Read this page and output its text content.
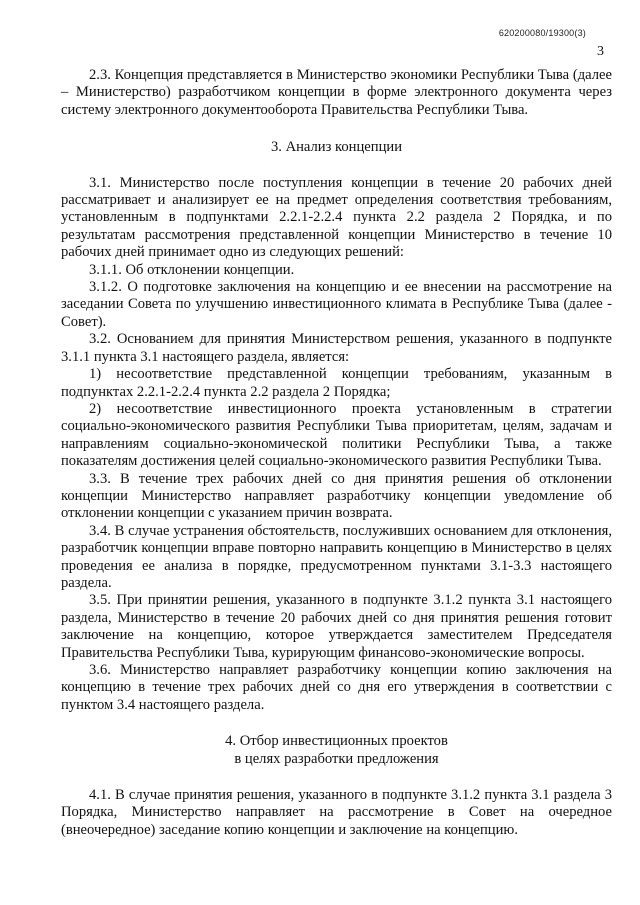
620200080/19300(3)
3

2.3. Концепция представляется в Министерство экономики Республики Тыва (далее – Министерство) разработчиком концепции в форме электронного документа через систему электронного документооборота Правительства Республики Тыва.

3. Анализ концепции

3.1. Министерство после поступления концепции в течение 20 рабочих дней рассматривает и анализирует ее на предмет определения соответствия требованиям, установленным в подпунктами 2.2.1-2.2.4 пункта 2.2 раздела 2 Порядка, и по результатам рассмотрения представленной концепции Министерство в течение 10 рабочих дней принимает одно из следующих решений:

3.1.1. Об отклонении концепции.

3.1.2. О подготовке заключения на концепцию и ее внесении на рассмотрение на заседании Совета по улучшению инвестиционного климата в Республике Тыва (далее - Совет).

3.2. Основанием для принятия Министерством решения, указанного в подпункте 3.1.1 пункта 3.1 настоящего раздела, является:

1) несоответствие представленной концепции требованиям, указанным в подпунктах 2.2.1-2.2.4 пункта 2.2 раздела 2 Порядка;

2) несоответствие инвестиционного проекта установленным в стратегии социально-экономического развития Республики Тыва приоритетам, целям, задачам и направлениям социально-экономической политики Республики Тыва, а также показателям достижения целей социально-экономического развития Республики Тыва.

3.3. В течение трех рабочих дней со дня принятия решения об отклонении концепции Министерство направляет разработчику концепции уведомление об отклонении концепции с указанием причин возврата.

3.4. В случае устранения обстоятельств, послуживших основанием для отклонения, разработчик концепции вправе повторно направить концепцию в Министерство в целях проведения ее анализа в порядке, предусмотренном пунктами 3.1-3.3 настоящего раздела.

3.5. При принятии решения, указанного в подпункте 3.1.2 пункта 3.1 настоящего раздела, Министерство в течение 20 рабочих дней со дня принятия решения готовит заключение на концепцию, которое утверждается заместителем Председателя Правительства Республики Тыва, курирующим финансово-экономические вопросы.

3.6. Министерство направляет разработчику концепции копию заключения на концепцию в течение трех рабочих дней со дня его утверждения в соответствии с пунктом 3.4 настоящего раздела.

4. Отбор инвестиционных проектов

в целях разработки предложения

4.1. В случае принятия решения, указанного в подпункте 3.1.2 пункта 3.1 раздела 3 Порядка, Министерство направляет на рассмотрение в Совет на очередное (внеочередное) заседание копию концепции и заключение на концепцию.
